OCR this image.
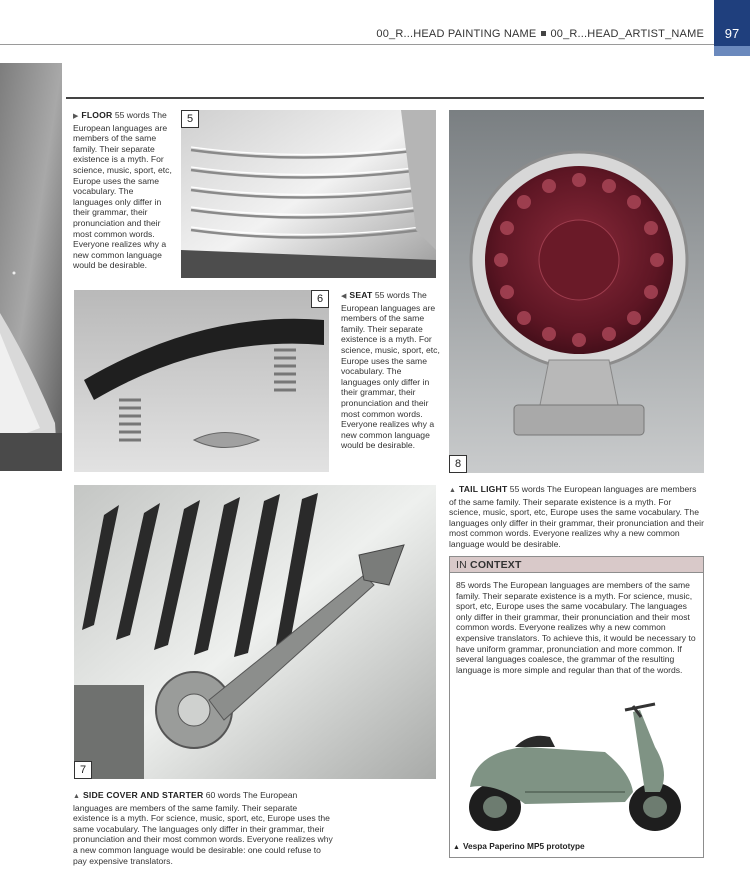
00_R...HEAD PAINTING NAME 00_R...HEAD_ARTIST_NAME	97
▶ FLOOR 55 words The European languages are members of the same family. Their separate existence is a myth. For science, music, sport, etc, Europe uses the same vocabulary. The languages only differ in their grammar, their pronunciation and their most common words. Everyone realizes why a new common language would be desirable.
5
6	◀ SEAT 55 words The European languages are members of the same family. Their separate existence is a myth. For science, music, sport, etc, Europe uses the same vocabulary. The languages only differ in their grammar, their pronunciation and their most common words. Everyone realizes why a new common language would be desirable.
8
▲ TAIL LIGHT 55 words The European languages are members of the same family. Their separate existence is a myth. For science, music, sport, etc, Europe uses the same vocabulary. The languages only differ in their grammar, their pronunciation and their most common words. Everyone realizes why a new common language would be desirable.
7
▲ SIDE COVER AND STARTER 60 words The European languages are members of the same family. Their separate existence is a myth. For science, music, sport, etc, Europe uses the same vocabulary. The languages only differ in their grammar, their pronunciation and their most common words. Everyone realizes why a new common language would be desirable: one could refuse to pay expensive translators.
IN CONTEXT
85 words The European languages are members of the same family. Their separate existence is a myth. For science, music, sport, etc, Europe uses the same vocabulary. The languages only differ in their grammar, their pronunciation and their most common words. Everyone realizes why a new common expensive translators. To achieve this, it would be necessary to have uniform grammar, pronunciation and more common. If several languages coalesce, the grammar of the resulting language is more simple and regular than that of the words.
▲ Vespa Paperino MP5 prototype
